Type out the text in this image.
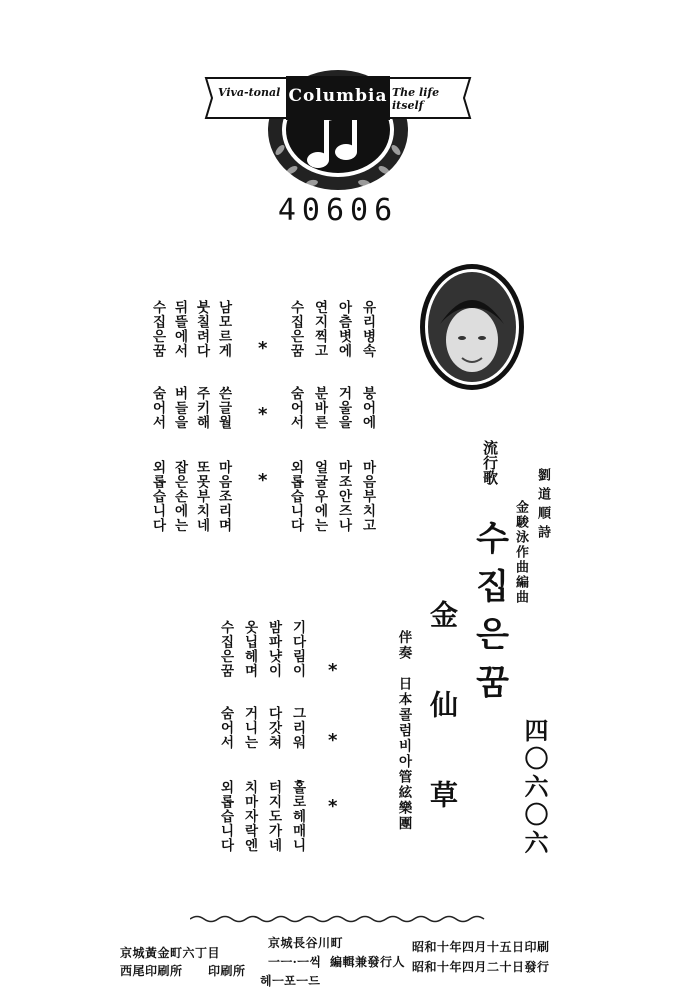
Viva-tonal Columbia The life itself
40606
수집은꿈
숨어서
외롭습니다
뒤뜰에서
버들을
잡은손에는
붓칠려다
주키해
또못부치네
남모르게
쓴글월
마음조리며
*
*
*
수집은꿈
숨어서
외롭습니다
연지찍고
분바른
얼굴우에는
아츰볏에
거울을
마조안즈나
유리병속
붕어에
마음부치고
수집은꿈
숨어서
외롭습니다
옷닙헤며
거니는
치마자락엔
밤파냣이
다갓쳐
터지도가네
기다림이
그리워
홀로헤매니
*
*
*
流行歌
수집은꿈
劉道順詩
金駿泳作曲編曲
金仙草
伴奏　日本콜럼비아管絃樂團	四〇六〇六
昭和十年四月十五日印刷
昭和十年四月二十日發行
京城長谷川町
編輯兼發行人
一ㅡ·ㅡ씩
헤ㅡ포ㅡ드
京城黃金町六丁目
印刷所
西尾印刷所
